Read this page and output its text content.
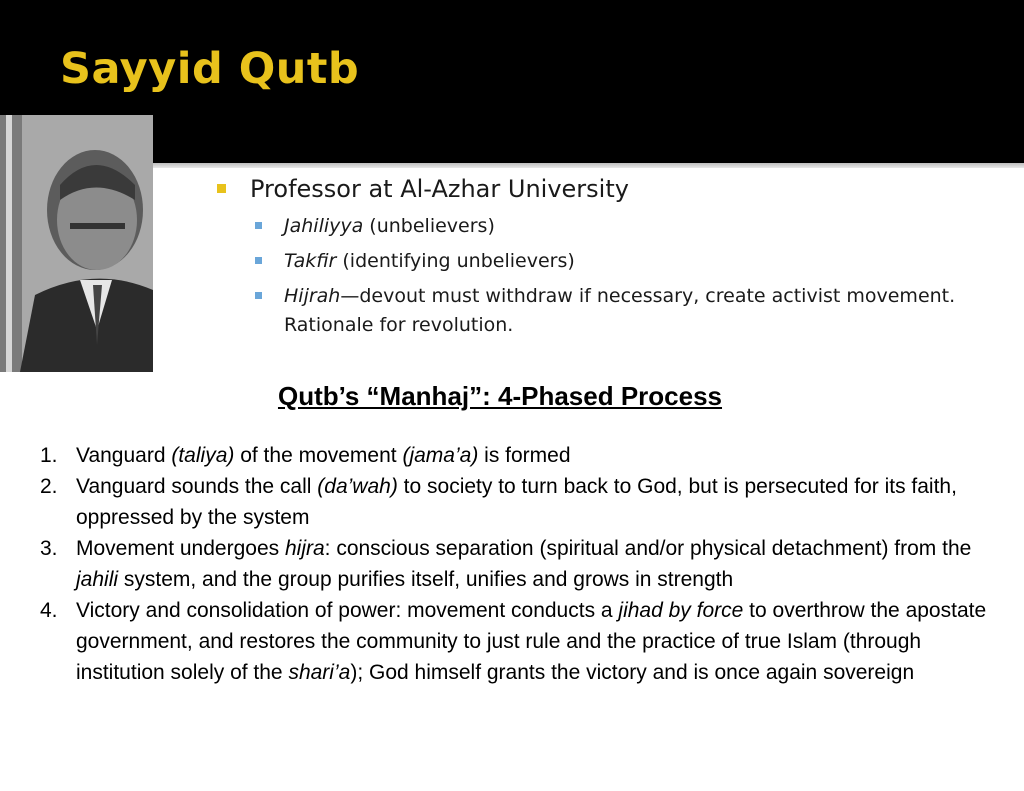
Sayyid Qutb
Professor at Al-Azhar University
Jahiliyya (unbelievers)
Takfir (identifying unbelievers)
Hijrah—devout must withdraw if necessary, create activist movement. Rationale for revolution.
Qutb’s “Manhaj”: 4-Phased Process
1. Vanguard (taliya) of the movement (jama’a) is formed
2. Vanguard sounds the call (da’wah) to society to turn back to God, but is persecuted for its faith, oppressed by the system
3. Movement undergoes hijra: conscious separation (spiritual and/or physical detachment) from the jahili system, and the group purifies itself, unifies and grows in strength
4. Victory and consolidation of power: movement conducts a jihad by force to overthrow the apostate government, and restores the community to just rule and the practice of true Islam (through institution solely of the shari’a); God himself grants the victory and is once again sovereign
